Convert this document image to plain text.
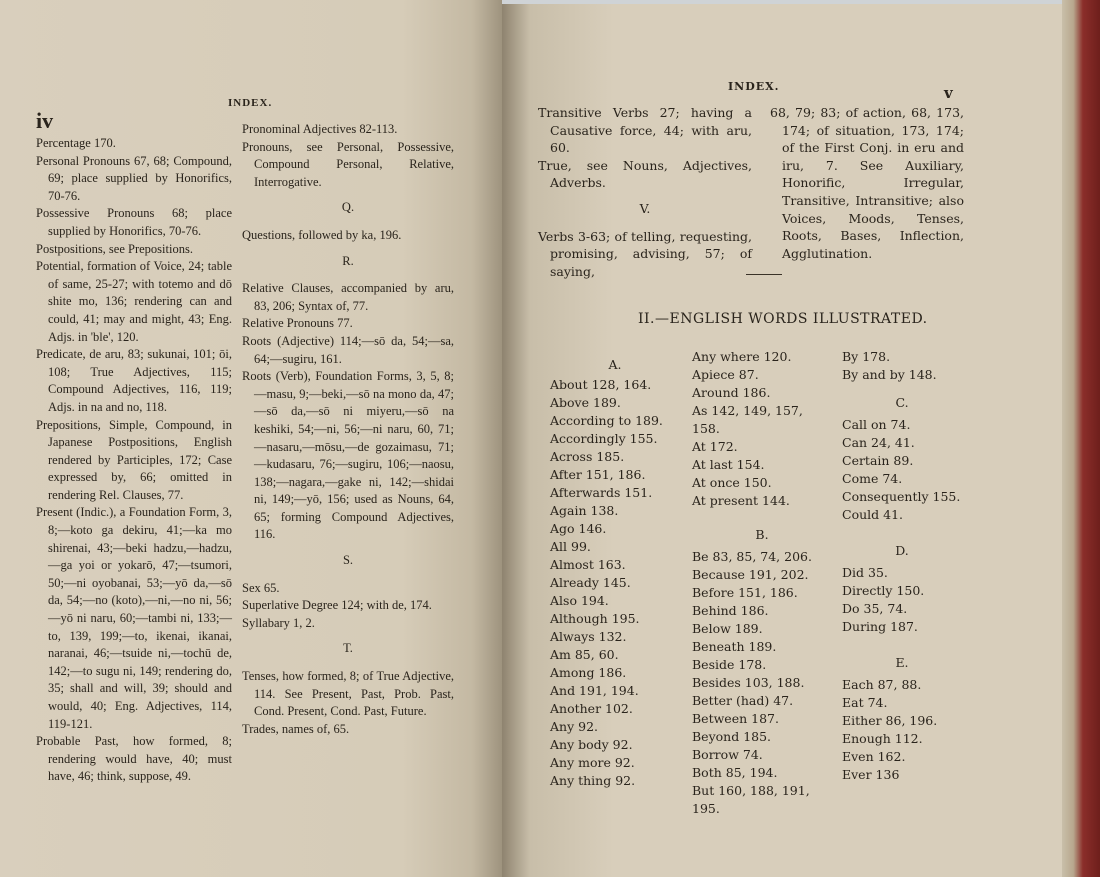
iv
INDEX.

Percentage 170.

Personal Pronouns 67, 68; Compound, 69; place supplied by Honorifics, 70-76.

Possessive Pronouns 68; place supplied by Honorifics, 70-76.

Postpositions, see Prepositions.

Potential, formation of Voice, 24; table of same, 25-27; with totemo and dō shite mo, 136; rendering can and could, 41; may and might, 43; Eng. Adjs. in 'ble', 120.

Predicate, de aru, 83; sukunai, 101; ōi, 108; True Adjectives, 115; Compound Adjectives, 116, 119; Adjs. in na and no, 118.

Prepositions, Simple, Compound, in Japanese Postpositions, English rendered by Participles, 172; Case expressed by, 66; omitted in rendering Rel. Clauses, 77.

Present (Indic.), a Foundation Form, 3, 8;—koto ga dekiru, 41;—ka mo shirenai, 43;—beki hadzu,—hadzu,—ga yoi or yokarō, 47;—tsumori, 50;—ni oyobanai, 53;—yō da,—sō da, 54;—no (koto),—ni,—no ni, 56;—yō ni naru, 60;—tambi ni, 133;—to, 139, 199;—to, ikenai, ikanai, naranai, 46;—tsuide ni,—tochū de, 142;—to sugu ni, 149; rendering do, 35; shall and will, 39; should and would, 40; Eng. Adjectives, 114, 119-121.

Probable Past, how formed, 8; rendering would have, 40; must have, 46; think, suppose, 49.

Pronominal Adjectives 82-113.

Pronouns, see Personal, Possessive, Compound Personal, Relative, Interrogative.

Q.

Questions, followed by ka, 196.

R.

Relative Clauses, accompanied by aru, 83, 206; Syntax of, 77.

Relative Pronouns 77.

Roots (Adjective) 114;—sō da, 54;—sa, 64;—sugiru, 161.

Roots (Verb), Foundation Forms, 3, 5, 8;—masu, 9;—beki,—sō na mono da, 47;—sō da,—sō ni miyeru,—sō na keshiki, 54;—ni, 56;—ni naru, 60, 71;—nasaru,—mōsu,—de gozaimasu, 71;—kudasaru, 76;—sugiru, 106;—naosu, 138;—nagara,—gake ni, 142;—shidai ni, 149;—yō, 156; used as Nouns, 64, 65; forming Compound Adjectives, 116.

S.

Sex 65.

Superlative Degree 124; with de, 174.

Syllabary 1, 2.

T.

Tenses, how formed, 8; of True Adjective, 114. See Present, Past, Prob. Past, Cond. Present, Cond. Past, Future.

Trades, names of, 65.

INDEX.	v

Transitive Verbs 27; having a Causative force, 44; with aru, 60.

True, see Nouns, Adjectives, Adverbs.

V.

Verbs 3-63; of telling, requesting, promising, advising, 57; of saying,

68, 79; 83; of action, 68, 173, 174; of situation, 173, 174; of the First Conj. in eru and iru, 7. See Auxiliary, Honorific, Irregular, Transitive, Intransitive; also Voices, Moods, Tenses, Roots, Bases, Inflection, Agglutination.

II.—ENGLISH WORDS ILLUSTRATED.

A.

About 128, 164.

Above 189.

According to 189.

Accordingly 155.

Across 185.

After 151, 186.

Afterwards 151.

Again 138.

Ago 146.

All 99.

Almost 163.

Already 145.

Also 194.

Although 195.

Always 132.

Am 85, 60.

Among 186.

And 191, 194.

Another 102.

Any 92.

Any body 92.

Any more 92.

Any thing 92.

Any where 120.

Apiece 87.

Around 186.

As 142, 149, 157, 158.

At 172.

At last 154.

At once 150.

At present 144.

B.

Be 83, 85, 74, 206.

Because 191, 202.

Before 151, 186.

Behind 186.

Below 189.

Beneath 189.

Beside 178.

Besides 103, 188.

Better (had) 47.

Between 187.

Beyond 185.

Borrow 74.

Both 85, 194.

But 160, 188, 191, 195.

By 178.

By and by 148.

C.

Call on 74.

Can 24, 41.

Certain 89.

Come 74.

Consequently 155.

Could 41.

D.

Did 35.

Directly 150.

Do 35, 74.

During 187.

E.

Each 87, 88.

Eat 74.

Either 86, 196.

Enough 112.

Even 162.

Ever 136
